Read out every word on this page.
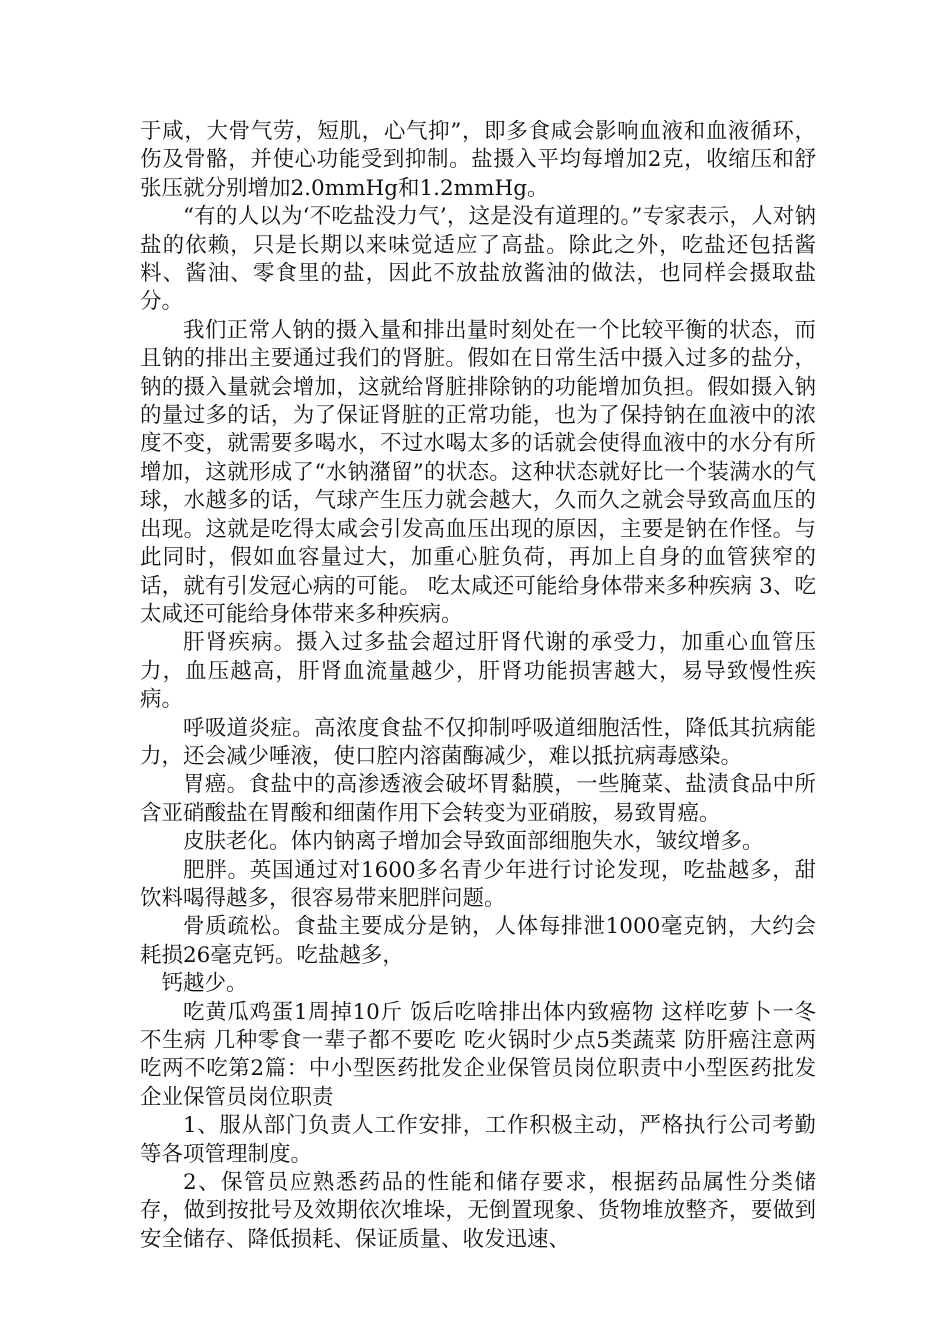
于咸，大骨气劳，短肌，心气抑”，即多食咸会影响血液和血液循环，伤及骨骼，并使心功能受到抑制。盐摄入平均每增加2克，收缩压和舒张压就分别增加2.0mmHg和1.2mmHg。

“有的人以为‘不吃盐没力气’，这是没有道理的。”专家表示，人对钠盐的依赖，只是长期以来味觉适应了高盐。除此之外，吃盐还包括酱料、酱油、零食里的盐，因此不放盐放酱油的做法，也同样会摄取盐分。

我们正常人钠的摄入量和排出量时刻处在一个比较平衡的状态，而且钠的排出主要通过我们的肾脏。假如在日常生活中摄入过多的盐分，钠的摄入量就会增加，这就给肾脏排除钠的功能增加负担。假如摄入钠的量过多的话，为了保证肾脏的正常功能，也为了保持钠在血液中的浓度不变，就需要多喝水，不过水喝太多的话就会使得血液中的水分有所增加，这就形成了“水钠潴留”的状态。这种状态就好比一个装满水的气球，水越多的话，气球产生压力就会越大，久而久之就会导致高血压的出现。这就是吃得太咸会引发高血压出现的原因，主要是钠在作怪。与此同时，假如血容量过大，加重心脏负荷，再加上自身的血管狭窄的话，就有引发冠心病的可能。 吃太咸还可能给身体带来多种疾病 3、吃太咸还可能给身体带来多种疾病。

肝肾疾病。摄入过多盐会超过肝肾代谢的承受力，加重心血管压力，血压越高，肝肾血流量越少，肝肾功能损害越大，易导致慢性疾病。

呼吸道炎症。高浓度食盐不仅抑制呼吸道细胞活性，降低其抗病能力，还会减少唾液，使口腔内溶菌酶减少，难以抵抗病毒感染。

胃癌。食盐中的高渗透液会破坏胃黏膜，一些腌菜、盐渍食品中所含亚硝酸盐在胃酸和细菌作用下会转变为亚硝胺，易致胃癌。

皮肤老化。体内钠离子增加会导致面部细胞失水，皱纹增多。

肥胖。英国通过对1600多名青少年进行讨论发现，吃盐越多，甜饮料喝得越多，很容易带来肥胖问题。

骨质疏松。食盐主要成分是钠，人体每排泄1000毫克钠，大约会耗损26毫克钙。吃盐越多，

钙越少。

吃黄瓜鸡蛋1周掉10斤 饭后吃啥排出体内致癌物 这样吃萝卜一冬不生病 几种零食一辈子都不要吃 吃火锅时少点5类蔬菜 防肝癌注意两吃两不吃第2篇：中小型医药批发企业保管员岗位职责中小型医药批发企业保管员岗位职责

1、服从部门负责人工作安排，工作积极主动，严格执行公司考勤等各项管理制度。

2、保管员应熟悉药品的性能和储存要求，根据药品属性分类储存，做到按批号及效期依次堆垛，无倒置现象、货物堆放整齐，要做到安全储存、降低损耗、保证质量、收发迅速、
